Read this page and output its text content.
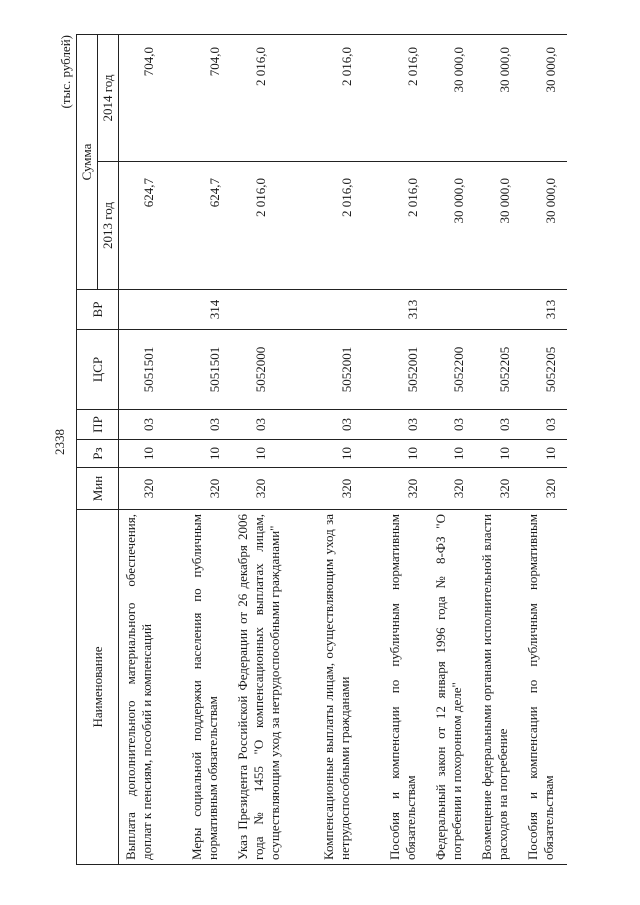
2338
(тыс. рублей)
Наименование	Мин	Рз	ПР	ЦСР	ВР	Сумма	
						2013 год	2014 год
Выплата дополнительного материального обеспечения, доплат к пенсиям, пособий и компенсаций	320	10	03	5051501		624,7	704,0
Меры социальной поддержки населения по публичным нормативным обязательствам	320	10	03	5051501	314	624,7	704,0
Указ Президента Российской Федерации от 26 декабря 2006 года № 1455 "О компенсационных выплатах лицам, осуществляющим уход за нетрудоспособными гражданами"	320	10	03	5052000		2 016,0	2 016,0
Компенсационные выплаты лицам, осуществляющим уход за нетрудоспособными гражданами	320	10	03	5052001		2 016,0	2 016,0
Пособия и компенсации по публичным нормативным обязательствам	320	10	03	5052001	313	2 016,0	2 016,0
Федеральный закон от 12 января 1996 года № 8-ФЗ "О погребении и похоронном деле"	320	10	03	5052200		30 000,0	30 000,0
Возмещение федеральными органами исполнительной власти расходов на погребение	320	10	03	5052205		30 000,0	30 000,0
Пособия и компенсации по публичным нормативным обязательствам	320	10	03	5052205	313	30 000,0	30 000,0
